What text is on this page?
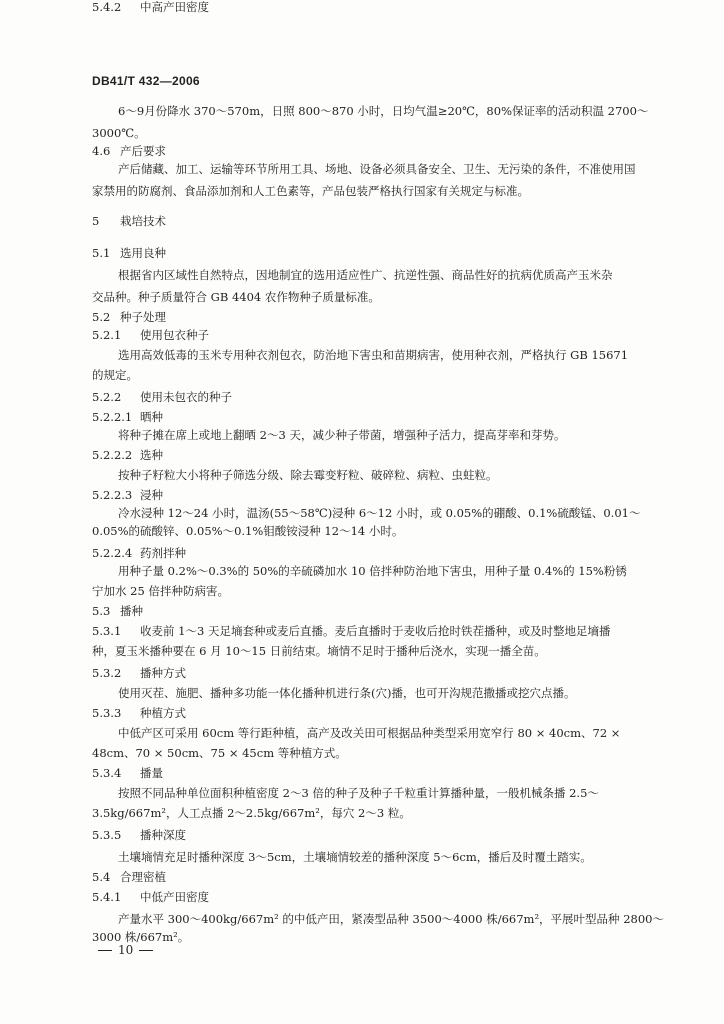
DB41/T 432—2006
6～9月份降水 370～570m，日照 800～870 小时，日均气温≥20℃，80%保证率的活动积温 2700～
3000℃。
4.6 产后要求
产后储藏、加工、运输等环节所用工具、场地、设备必须具备安全、卫生、无污染的条件，不准使用国
家禁用的防腐剂、食品添加剂和人工色素等，产品包装严格执行国家有关规定与标准。
5 栽培技术
5.1 选用良种
根据省内区域性自然特点，因地制宜的选用适应性广、抗逆性强、商品性好的抗病优质高产玉米杂
交品种。种子质量符合 GB 4404 农作物种子质量标准。
5.2 种子处理
5.2.1 使用包衣种子
选用高效低毒的玉米专用种衣剂包衣，防治地下害虫和苗期病害，使用种衣剂，严格执行 GB 15671
的规定。
5.2.2 使用未包衣的种子
5.2.2.1 晒种
将种子摊在席上或地上翻晒 2～3 天，减少种子带菌，增强种子活力，提高芽率和芽势。
5.2.2.2 选种
按种子籽粒大小将种子筛选分级、除去霉变籽粒、破碎粒、病粒、虫蛀粒。
5.2.2.3 浸种
冷水浸种 12～24 小时，温汤(55～58℃)浸种 6～12 小时，或 0.05%的硼酸、0.1%硫酸锰、0.01～
0.05%的硫酸锌、0.05%～0.1%钼酸铵浸种 12～14 小时。
5.2.2.4 药剂拌种
用种子量 0.2%～0.3%的 50%的辛硫磷加水 10 倍拌种防治地下害虫，用种子量 0.4%的 15%粉锈
宁加水 25 倍拌种防病害。
5.3 播种
5.3.1 收麦前 1～3 天足墒套种或麦后直播。麦后直播时于麦收后抢时铁茬播种，或及时整地足墒播
种，夏玉米播种要在 6 月 10～15 日前结束。墒情不足时于播种后浇水，实现一播全苗。
5.3.2 播种方式
使用灭茬、施肥、播种多功能一体化播种机进行条(穴)播，也可开沟规范撒播或挖穴点播。
5.3.3 种植方式
中低产区可采用 60cm 等行距种植，高产及改关田可根据品种类型采用宽窄行 80 × 40cm、72 ×
48cm、70 × 50cm、75 × 45cm 等种植方式。
5.3.4 播量
按照不同品种单位面积种植密度 2～3 倍的种子及种子千粒重计算播种量，一般机械条播 2.5～
3.5kg/667m²，人工点播 2～2.5kg/667m²，每穴 2～3 粒。
5.3.5 播种深度
土壤墒情充足时播种深度 3～5cm，土壤墒情较差的播种深度 5～6cm，播后及时覆土踏实。
5.4 合理密植
5.4.1 中低产田密度
产量水平 300～400kg/667m² 的中低产田，紧凑型品种 3500～4000 株/667m²，平展叶型品种 2800～
3000 株/667m²。
5.4.2 中高产田密度
10
